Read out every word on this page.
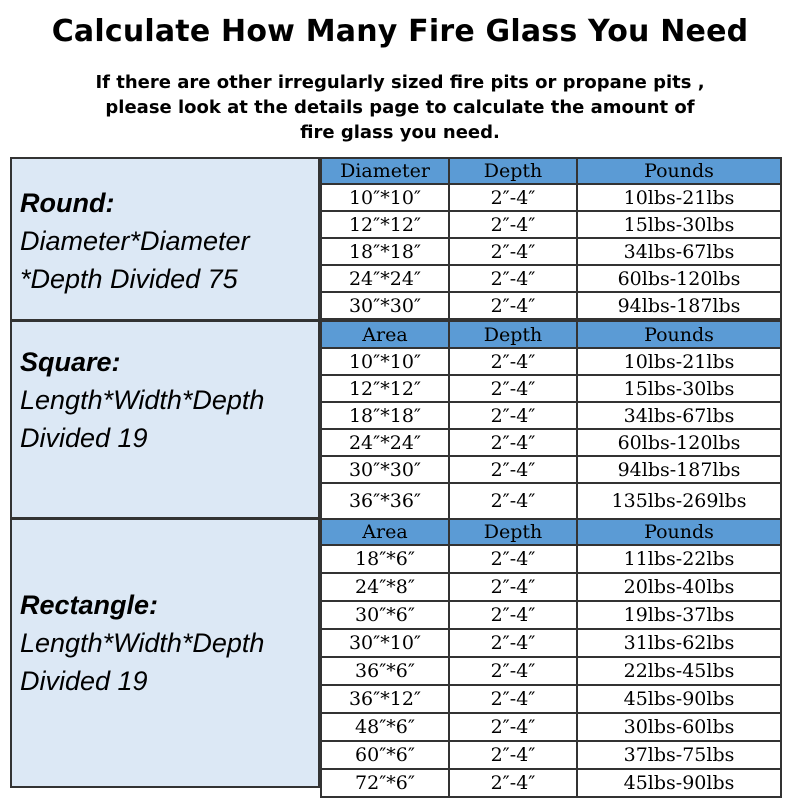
Calculate How Many Fire Glass You Need
If there are other irregularly sized fire pits or propane pits ,
please look at the details page to calculate the amount of
fire glass you need.
Round:
Diameter*Diameter
*Depth Divided 75
Diameter	Depth	Pounds
10″*10″	2″-4″	10lbs-21lbs
12″*12″	2″-4″	15lbs-30lbs
18″*18″	2″-4″	34lbs-67lbs
24″*24″	2″-4″	60lbs-120lbs
30″*30″	2″-4″	94lbs-187lbs
Square:
Length*Width*Depth
Divided 19
Area	Depth	Pounds
10″*10″	2″-4″	10lbs-21lbs
12″*12″	2″-4″	15lbs-30lbs
18″*18″	2″-4″	34lbs-67lbs
24″*24″	2″-4″	60lbs-120lbs
30″*30″	2″-4″	94lbs-187lbs
36″*36″	2″-4″	135lbs-269lbs
Rectangle:
Length*Width*Depth
Divided 19
Area	Depth	Pounds
18″*6″	2″-4″	11lbs-22lbs
24″*8″	2″-4″	20lbs-40lbs
30″*6″	2″-4″	19lbs-37lbs
30″*10″	2″-4″	31lbs-62lbs
36″*6″	2″-4″	22lbs-45lbs
36″*12″	2″-4″	45lbs-90lbs
48″*6″	2″-4″	30lbs-60lbs
60″*6″	2″-4″	37lbs-75lbs
72″*6″	2″-4″	45lbs-90lbs
